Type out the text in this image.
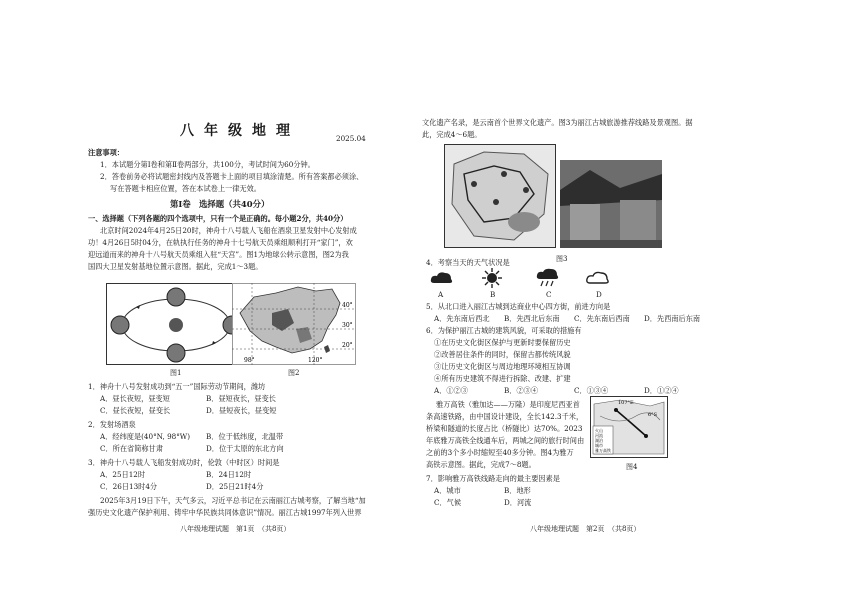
八年级地理	2025.04
注意事项：
1．本试题分第Ⅰ卷和第Ⅱ卷两部分，共100分，考试时间为60分钟。
2．答卷前务必将试题密封线内及答题卡上面的项目填涂清楚。所有答案都必须涂、
写在答题卡相应位置，答在本试卷上一律无效。
第Ⅰ卷　选择题（共40分）
一、选择题（下列各题的四个选项中，只有一个是正确的。每小题2分，共40分）
北京时间2024年4月25日20时，神舟十八号载人飞船在酒泉卫星发射中心发射成
功！4月26日5时04分，在轨执行任务的神舟十七号航天员乘组顺利打开“家门”，欢
迎远道而来的神舟十八号航天员乘组入驻“天宫”。图1为地球公转示意图，图2为我
国四大卫星发射基地位置示意图。据此，完成1～3题。
图1
40°
30°
20°
98°	120°
图2
1．神舟十八号发射成功到“五一”国际劳动节期间，潍坊
A．昼长夜短，昼变短	B．昼短夜长，昼变长
C．昼长夜短，昼变长	D．昼短夜长，昼变短
2．发射场酒泉
A．经纬度是(40°N, 98°W) B．位于低纬度，北温带
C．所在省简称甘肃	D．位于太原的东北方向
3．神舟十八号载人飞船发射成功时，伦敦（中时区）时间是
A．25日12时	B．24日12时
C．26日13时4分	D．25日21时4分
2025年3月19日下午，天气多云，习近平总书记在云南丽江古城考察，了解当地“加
强历史文化遗产保护利用、铸牢中华民族共同体意识”情况。丽江古城1997年列入世界
八年级地理试题　第1页　（共8页）
文化遗产名录，是云南首个世界文化遗产。图3为丽江古城旅游推荐线路及景观图。据
此，完成4～6题。
图3
4．考察当天的天气状况是
A	B	C	D
5．从北口进入丽江古城到达商业中心四方街，前进方向是
A．先东南后西北 B．先西北后东南 C．先东南后西南 D．先西南后东南
6．为保护丽江古城的建筑风貌，可采取的措施有
①在历史文化街区保护与更新时要保留历史
②改善居住条件的同时，保留古都传统风貌
③让历史文化街区与周边地理环境相互协调
④所有历史建筑不得进行拆除、改建、扩建
A．①②③	B．②③④	C．①③④	D．①②④
雅万高铁（雅加达——万隆）是印度尼西亚首
条高速铁路，由中国设计建设，全长142.3千米，
桥梁和隧道的长度占比（桥隧比）达70%。2023
年底雅万高铁全线通车后，两城之间的旅行时间由
之前的3个多小时缩短至40多分钟。图4为雅万
高铁示意图。据此，完成7～8题。
火山
河流
湖泊
城市
雅万高铁
107°E
6°S
图4
7．影响雅万高铁线路走向的最主要因素是
A．城市	B．地形
C．气候	D．河流
八年级地理试题　第2页　（共8页）
